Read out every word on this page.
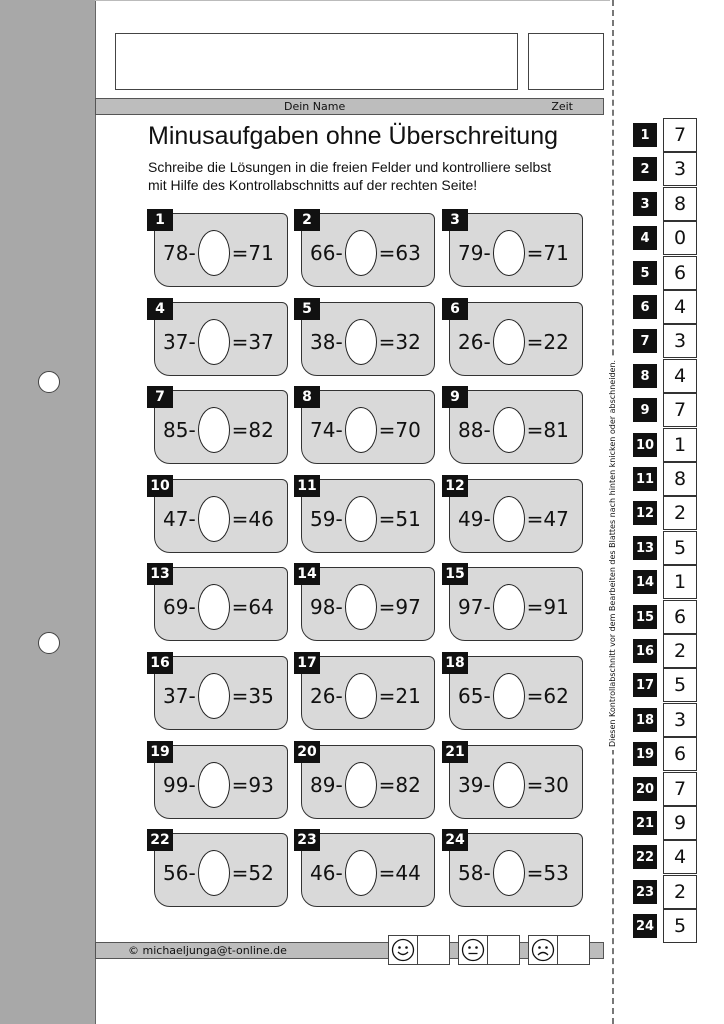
Dein Name	Zeit
Minusaufgaben ohne Überschreitung
Schreibe die Lösungen in die freien Felder und kontrolliere selbst
mit Hilfe des Kontrollabschnitts auf der rechten Seite!
1
78- =71
2
66- =63
3
79- =71
4
37- =37
5
38- =32
6
26- =22
7
85- =82
8
74- =70
9
88- =81
10
47- =46
11
59- =51
12
49- =47
13
69- =64
14
98- =97
15
97- =91
16
37- =35
17
26- =21
18
65- =62
19
99- =93
20
89- =82
21
39- =30
22
56- =52
23
46- =44
24
58- =53
Diesen Kontrollabschnitt vor dem Bearbeiten des Blattes nach hinten knicken oder abschneiden.
1	7
2	3
3	8
4	0
5	6
6	4
7	3
8	4
9	7
10	1
11	8
12	2
13	5
14	1
15	6
16	2
17	5
18	3
19	6
20	7
21	9
22	4
23	2
24	5
© michaeljunga@t-online.de
